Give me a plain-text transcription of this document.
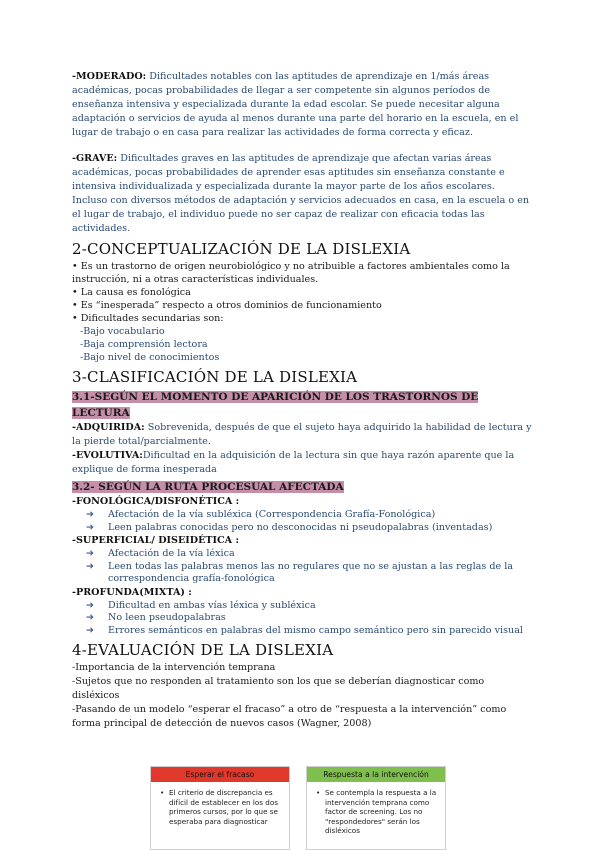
-MODERADO: Dificultades notables con las aptitudes de aprendizaje en 1/más áreas académicas, pocas probabilidades de llegar a ser competente sin algunos períodos de enseñanza intensiva y especializada durante la edad escolar. Se puede necesitar alguna adaptación o servicios de ayuda al menos durante una parte del horario en la escuela, en el lugar de trabajo o en casa para realizar las actividades de forma correcta y eficaz.

-GRAVE: Dificultades graves en las aptitudes de aprendizaje que afectan varias áreas académicas, pocas probabilidades de aprender esas aptitudes sin enseñanza constante e intensiva individualizada y especializada durante la mayor parte de los años escolares. Incluso con diversos métodos de adaptación y servicios adecuados en casa, en la escuela o en el lugar de trabajo, el individuo puede no ser capaz de realizar con eficacia todas las actividades.

2-CONCEPTUALIZACIÓN DE LA DISLEXIA
• Es un trastorno de origen neurobiológico y no atribuible a factores ambientales como la instrucción, ni a otras características individuales.
• La causa es fonológica
• Es “inesperada” respecto a otros dominios de funcionamiento
• Dificultades secundarias son:
-Bajo vocabulario
-Baja comprensión lectora
-Bajo nivel de conocimientos
3-CLASIFICACIÓN DE LA DISLEXIA
3.1-SEGÚN EL MOMENTO DE APARICIÓN DE LOS TRASTORNOS DE LECTURA

-ADQUIRIDA: Sobrevenida, después de que el sujeto haya adquirido la habilidad de lectura y la pierde total/parcialmente.

-EVOLUTIVA:Dificultad en la adquisición de la lectura sin que haya razón aparente que la explique de forma inesperada

3.2- SEGÚN LA RUTA PROCESUAL AFECTADA

-FONOLÓGICA/DISFONÉTICA :

➔ Afectación de la vía subléxica (Correspondencia Grafía-Fonológica)
➔ Leen palabras conocidas pero no desconocidas ni pseudopalabras (inventadas)

-SUPERFICIAL/ DISEIDÉTICA :

➔ Afectación de la vía léxica
➔ Leen todas las palabras menos las no regulares que no se ajustan a las reglas de la correspondencia grafía-fonológica

-PROFUNDA(MIXTA) :

➔ Dificultad en ambas vías léxica y subléxica
➔ No leen pseudopalabras
➔ Errores semánticos en palabras del mismo campo semántico pero sin parecido visual
4-EVALUACIÓN DE LA DISLEXIA

-Importancia de la intervención temprana

-Sujetos que no responden al tratamiento son los que se deberían diagnosticar como disléxicos

-Pasando de un modelo “esperar el fracaso” a otro de “respuesta a la intervención” como forma principal de detección de nuevos casos (Wagner, 2008)

Esperar el fracaso
• El criterio de discrepancia es difícil de establecer en los dos primeros cursos, por lo que se esperaba para diagnosticar
Respuesta a la intervención
• Se contempla la respuesta a la intervención temprana como factor de screening. Los no "respondedores" serán los disléxicos
